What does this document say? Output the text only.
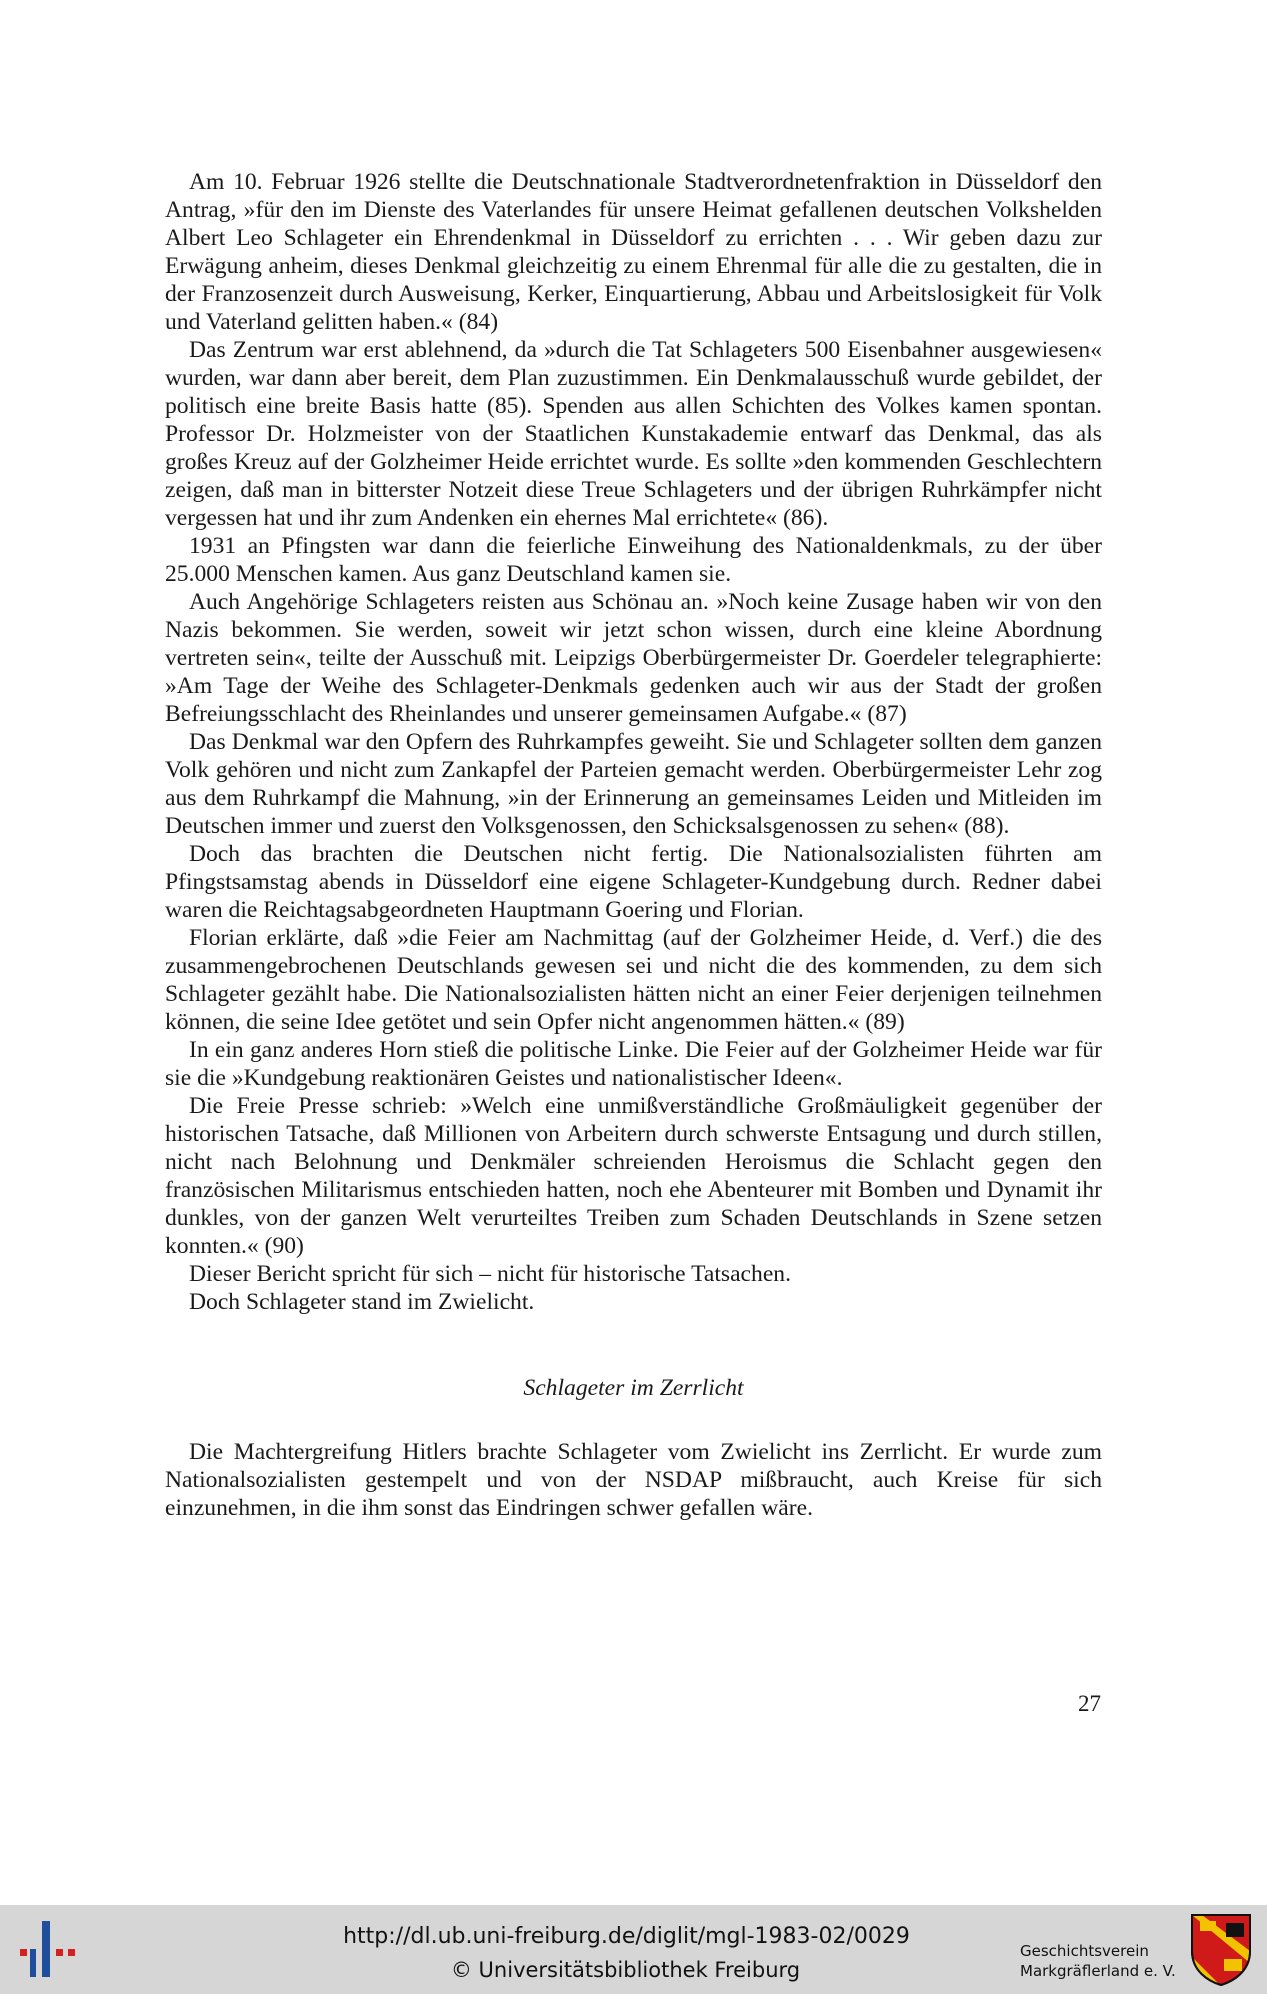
Am 10. Februar 1926 stellte die Deutschnationale Stadtverordnetenfraktion in Düsseldorf den Antrag, »für den im Dienste des Vaterlandes für unsere Heimat gefallenen deutschen Volkshelden Albert Leo Schlageter ein Ehrendenkmal in Düsseldorf zu errichten . . . Wir geben dazu zur Erwägung anheim, dieses Denkmal gleichzeitig zu einem Ehrenmal für alle die zu gestalten, die in der Franzosenzeit durch Ausweisung, Kerker, Einquartierung, Abbau und Arbeitslosigkeit für Volk und Vaterland gelitten haben.« (84)

Das Zentrum war erst ablehnend, da »durch die Tat Schlageters 500 Eisenbahner ausgewiesen« wurden, war dann aber bereit, dem Plan zuzustimmen. Ein Denkmalausschuß wurde gebildet, der politisch eine breite Basis hatte (85). Spenden aus allen Schichten des Volkes kamen spontan. Professor Dr. Holzmeister von der Staatlichen Kunstakademie entwarf das Denkmal, das als großes Kreuz auf der Golzheimer Heide errichtet wurde. Es sollte »den kommenden Geschlechtern zeigen, daß man in bitterster Notzeit diese Treue Schlageters und der übrigen Ruhrkämpfer nicht vergessen hat und ihr zum Andenken ein ehernes Mal errichtete« (86).

1931 an Pfingsten war dann die feierliche Einweihung des Nationaldenkmals, zu der über 25.000 Menschen kamen. Aus ganz Deutschland kamen sie.

Auch Angehörige Schlageters reisten aus Schönau an. »Noch keine Zusage haben wir von den Nazis bekommen. Sie werden, soweit wir jetzt schon wissen, durch eine kleine Abordnung vertreten sein«, teilte der Ausschuß mit. Leipzigs Oberbürgermeister Dr. Goerdeler telegraphierte: »Am Tage der Weihe des Schlageter-Denkmals gedenken auch wir aus der Stadt der großen Befreiungsschlacht des Rheinlandes und unserer gemeinsamen Aufgabe.« (87)

Das Denkmal war den Opfern des Ruhrkampfes geweiht. Sie und Schlageter sollten dem ganzen Volk gehören und nicht zum Zankapfel der Parteien gemacht werden. Oberbürgermeister Lehr zog aus dem Ruhrkampf die Mahnung, »in der Erinnerung an gemeinsames Leiden und Mitleiden im Deutschen immer und zuerst den Volksgenossen, den Schicksalsgenossen zu sehen« (88).

Doch das brachten die Deutschen nicht fertig. Die Nationalsozialisten führten am Pfingstsamstag abends in Düsseldorf eine eigene Schlageter-Kundgebung durch. Redner dabei waren die Reichtagsabgeordneten Hauptmann Goering und Florian.

Florian erklärte, daß »die Feier am Nachmittag (auf der Golzheimer Heide, d. Verf.) die des zusammengebrochenen Deutschlands gewesen sei und nicht die des kommenden, zu dem sich Schlageter gezählt habe. Die Nationalsozialisten hätten nicht an einer Feier derjenigen teilnehmen können, die seine Idee getötet und sein Opfer nicht angenommen hätten.« (89)

In ein ganz anderes Horn stieß die politische Linke. Die Feier auf der Golzheimer Heide war für sie die »Kundgebung reaktionären Geistes und nationalistischer Ideen«.

Die Freie Presse schrieb: »Welch eine unmißverständliche Großmäuligkeit gegenüber der historischen Tatsache, daß Millionen von Arbeitern durch schwerste Entsagung und durch stillen, nicht nach Belohnung und Denkmäler schreienden Heroismus die Schlacht gegen den französischen Militarismus entschieden hatten, noch ehe Abenteurer mit Bomben und Dynamit ihr dunkles, von der ganzen Welt verurteiltes Treiben zum Schaden Deutschlands in Szene setzen konnten.« (90)

Dieser Bericht spricht für sich – nicht für historische Tatsachen.

Doch Schlageter stand im Zwielicht.

Schlageter im Zerrlicht

Die Machtergreifung Hitlers brachte Schlageter vom Zwielicht ins Zerrlicht. Er wurde zum Nationalsozialisten gestempelt und von der NSDAP mißbraucht, auch Kreise für sich einzunehmen, in die ihm sonst das Eindringen schwer gefallen wäre.

27
http://dl.ub.uni-freiburg.de/diglit/mgl-1983-02/0029
© Universitätsbibliothek Freiburg
Geschichtsverein
Markgräflerland e. V.
